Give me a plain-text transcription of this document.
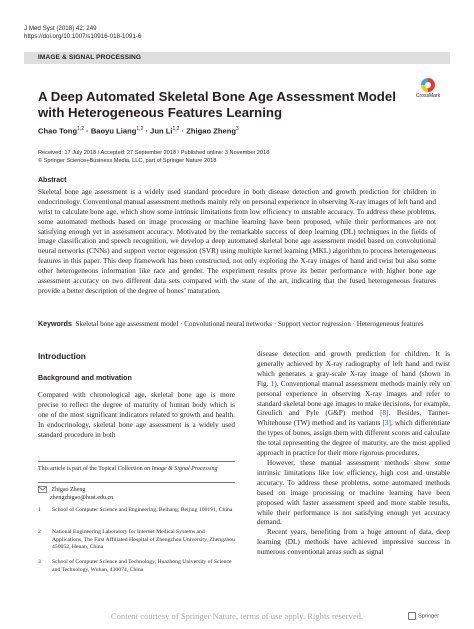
J Med Syst (2018) 42: 249
https://doi.org/10.1007/s10916-018-1091-6
IMAGE & SIGNAL PROCESSING
CrossMark
A Deep Automated Skeletal Bone Age Assessment Model with Heterogeneous Features Learning
Chao Tong$^{1,2}$ · Baoyu Liang$^{1,2}$ · Jun Li$^{1,2}$ · Zhigao Zheng$^3$
Received: 17 July 2018 / Accepted: 27 September 2018 / Published online: 3 November 2018
© Springer Science+Business Media, LLC, part of Springer Nature 2018
Abstract
Skeletal bone age assessment is a widely used standard procedure in both disease detection and growth prediction for children in endocrinology. Conventional manual assessment methods mainly rely on personal experience in observing X-ray images of left hand and wrist to calculate bone age, which show some intrinsic limitations from low efficiency to unstable accuracy. To address these problems, some automated methods based on image processing or machine learning have been proposed, while their performances are not satisfying enough yet in assessment accuracy. Motivated by the remarkable success of deep learning (DL) techniques in the fields of image classification and speech recognition, we develop a deep automated skeletal bone age assessment model based on convolutional neural networks (CNNs) and support vector regression (SVR) using multiple kernel learning (MKL) algorithm to process heterogeneous features in this paper. This deep framework has been constructed, not only exploring the X-ray images of hand and twist but also some other heterogeneous information like race and gender. The experiment results prove its better performance with higher bone age assessment accuracy on two different data sets compared with the state of the art, indicating that the fused heterogeneous features provide a better description of the degree of bones’ maturation.
Keywords Skeletal bone age assessment model · Convolutional neural networks · Support vector regression · Heterogeneous features
Introduction
Background and motivation
Compared with chronological age, skeletal bone age is more precise to reflect the degree of maturity of human body which is one of the most significant indicators related to growth and health. In endocrinology, skeletal bone age assessment is a widely used standard procedure in both
This article is part of the Topical Collection on Image & Signal Processing
Zhigao Zheng
zhengzhigao@hust.edu.cn
1 School of Computer Science and Engineering, Beihang, Beijing 100191, China
2 National Engineering Laboratory for Internet Medical Systems and Applications, The First Affiliated Hospital of Zhengzhou University, Zhengzhou 450052, Henan, China
3 School of Computer Science and Technology, Huazhong University of Science and Technology, Wuhan, 430074, China

disease detection and growth prediction for children. It is generally achieved by X-ray radiography of left hand and twist which generates a gray-scale X-ray image of hand (shown in Fig. 1). Conventional manual assessment methods mainly rely on personal experience in observing X-ray images and refer to standard skeletal bone age images to make decisions, for example, Greulich and Pyle (G&P) method [8]. Besides, Tanner-Whitehouse (TW) method and its variants [3], which differentiate the types of bones, assign them with different scores and calculate the total representing the degree of maturity, are the most applied approach in practice for their more rigorous procedures.

However, these manual assessment methods show some intrinsic limitations like low efficiency, high cost and unstable accuracy. To address these problems, some automated methods based on image processing or machine learning have been proposed with faster assessment speed and more stable results, while their performance is not satisfying enough yet accuracy demand.

Recent years, benefiting from a huge amount of data, deep learning (DL) methods have achieved impressive success in numerous conventional areas such as signal

Springer
Content courtesy of Springer Nature, terms of use apply. Rights reserved.
